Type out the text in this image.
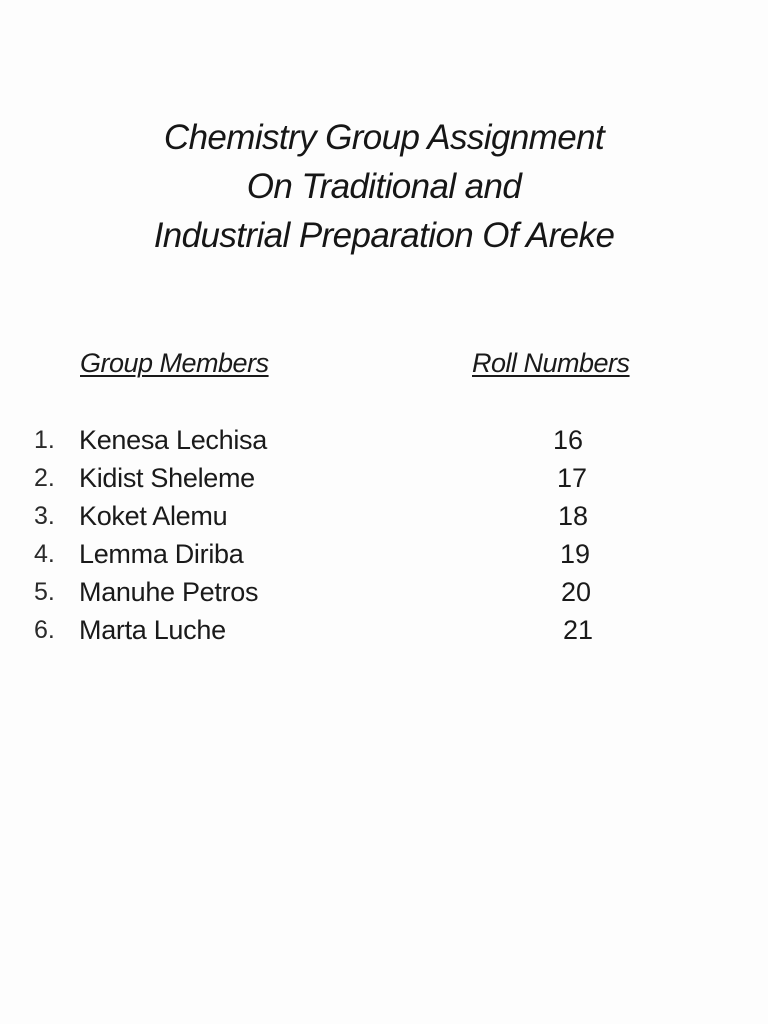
Chemistry Group Assignment
On Traditional and
Industrial Preparation Of Areke
Group Members	Roll Numbers
1. Kenesa Lechisa	16
2. Kidist Sheleme	17
3. Koket Alemu	18
4. Lemma Diriba	19
5. Manuhe Petros	20
6. Marta Luche	21
